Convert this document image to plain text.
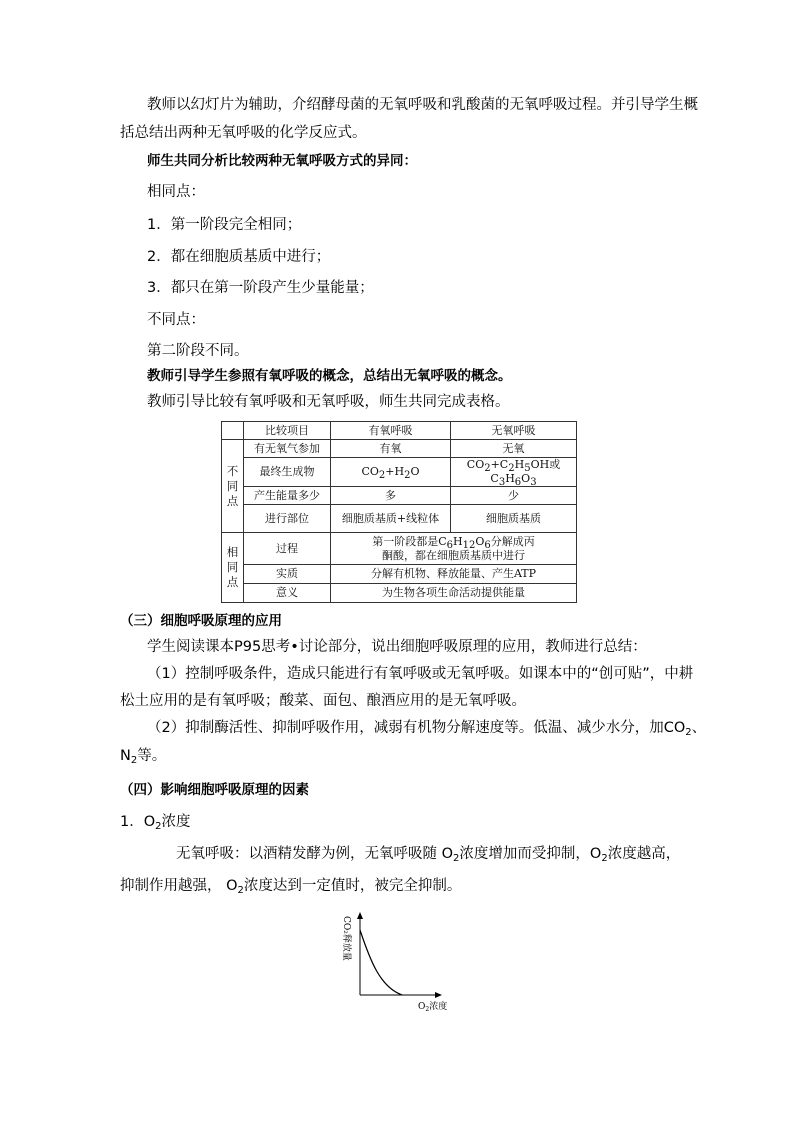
教师以幻灯片为辅助，介绍酵母菌的无氧呼吸和乳酸菌的无氧呼吸过程。并引导学生概
括总结出两种无氧呼吸的化学反应式。
师生共同分析比较两种无氧呼吸方式的异同：
相同点：
1．第一阶段完全相同；
2．都在细胞质基质中进行；
3．都只在第一阶段产生少量能量；
不同点：
第二阶段不同。
教师引导学生参照有氧呼吸的概念，总结出无氧呼吸的概念。
教师引导比较有氧呼吸和无氧呼吸，师生共同完成表格。
	比较项目	有氧呼吸	无氧呼吸

不同点	有无氧气参加	有氧	无氧
	最终生成物	$CO_2+H_2O$	$CO_2+C_2H_5OH$或$C_3H_6O_3$
	产生能量多少	多	少
	进行部位	细胞质基质+线粒体	细胞质基质

相同点	过程	第一阶段都是$C_6H_{12}O_6$分解成丙
酮酸，都在细胞质基质中进行	
	实质	分解有机物、释放能量、产生ATP	
	意义	为生物各项生命活动提供能量	
（三）细胞呼吸原理的应用
学生阅读课本P95思考•讨论部分，说出细胞呼吸原理的应用，教师进行总结：
（1）控制呼吸条件，造成只能进行有氧呼吸或无氧呼吸。如课本中的“创可贴”，中耕
松土应用的是有氧呼吸；酸菜、面包、酿酒应用的是无氧呼吸。
（2）抑制酶活性、抑制呼吸作用，减弱有机物分解速度等。低温、减少水分，加$CO_2$、
$N_2$等。
（四）影响细胞呼吸原理的因素
1．$O_2$浓度
无氧呼吸：以酒精发酵为例，无氧呼吸随 $O_2$浓度增加而受抑制，$O_2$浓度越高，
抑制作用越强， $O_2$浓度达到一定值时，被完全抑制。
CO₂释放量
$O_2$浓度
